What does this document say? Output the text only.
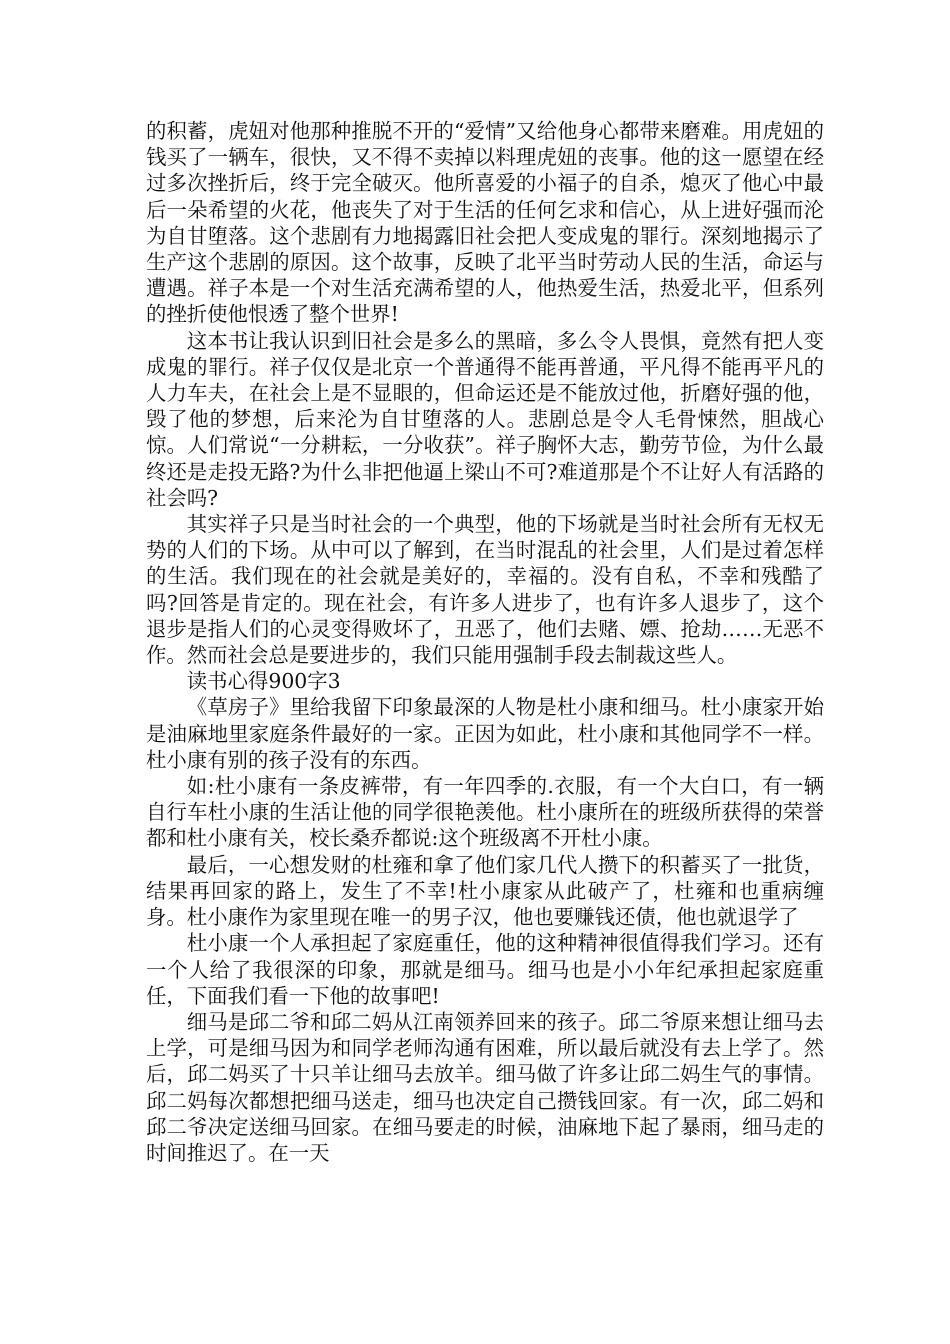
的积蓄，虎妞对他那种推脱不开的“爱情”又给他身心都带来磨难。用虎妞的钱买了一辆车，很快，又不得不卖掉以料理虎妞的丧事。他的这一愿望在经过多次挫折后，终于完全破灭。他所喜爱的小福子的自杀，熄灭了他心中最后一朵希望的火花，他丧失了对于生活的任何乞求和信心，从上进好强而沦为自甘堕落。这个悲剧有力地揭露旧社会把人变成鬼的罪行。深刻地揭示了生产这个悲剧的原因。这个故事，反映了北平当时劳动人民的生活，命运与遭遇。祥子本是一个对生活充满希望的人，他热爱生活，热爱北平，但系列的挫折使他恨透了整个世界!

这本书让我认识到旧社会是多么的黑暗，多么令人畏惧，竟然有把人变成鬼的罪行。祥子仅仅是北京一个普通得不能再普通，平凡得不能再平凡的人力车夫，在社会上是不显眼的，但命运还是不能放过他，折磨好强的他，毁了他的梦想，后来沦为自甘堕落的人。悲剧总是令人毛骨悚然，胆战心惊。人们常说“一分耕耘，一分收获”。祥子胸怀大志，勤劳节俭，为什么最终还是走投无路?为什么非把他逼上梁山不可?难道那是个不让好人有活路的社会吗?

其实祥子只是当时社会的一个典型，他的下场就是当时社会所有无权无势的人们的下场。从中可以了解到，在当时混乱的社会里，人们是过着怎样的生活。我们现在的社会就是美好的，幸福的。没有自私，不幸和残酷了吗?回答是肯定的。现在社会，有许多人进步了，也有许多人退步了，这个退步是指人们的心灵变得败坏了，丑恶了，他们去赌、嫖、抢劫……无恶不作。然而社会总是要进步的，我们只能用强制手段去制裁这些人。

读书心得900字3

《草房子》里给我留下印象最深的人物是杜小康和细马。杜小康家开始是油麻地里家庭条件最好的一家。正因为如此，杜小康和其他同学不一样。杜小康有别的孩子没有的东西。

如:杜小康有一条皮裤带，有一年四季的.衣服，有一个大白口，有一辆自行车杜小康的生活让他的同学很艳羡他。杜小康所在的班级所获得的荣誉都和杜小康有关，校长桑乔都说:这个班级离不开杜小康。

最后，一心想发财的杜雍和拿了他们家几代人攒下的积蓄买了一批货，结果再回家的路上，发生了不幸!杜小康家从此破产了，杜雍和也重病缠身。杜小康作为家里现在唯一的男子汉，他也要赚钱还债，他也就退学了

杜小康一个人承担起了家庭重任，他的这种精神很值得我们学习。还有一个人给了我很深的印象，那就是细马。细马也是小小年纪承担起家庭重任，下面我们看一下他的故事吧!

细马是邱二爷和邱二妈从江南领养回来的孩子。邱二爷原来想让细马去上学，可是细马因为和同学老师沟通有困难，所以最后就没有去上学了。然后，邱二妈买了十只羊让细马去放羊。细马做了许多让邱二妈生气的事情。邱二妈每次都想把细马送走，细马也决定自己攒钱回家。有一次，邱二妈和邱二爷决定送细马回家。在细马要走的时候，油麻地下起了暴雨，细马走的时间推迟了。在一天
